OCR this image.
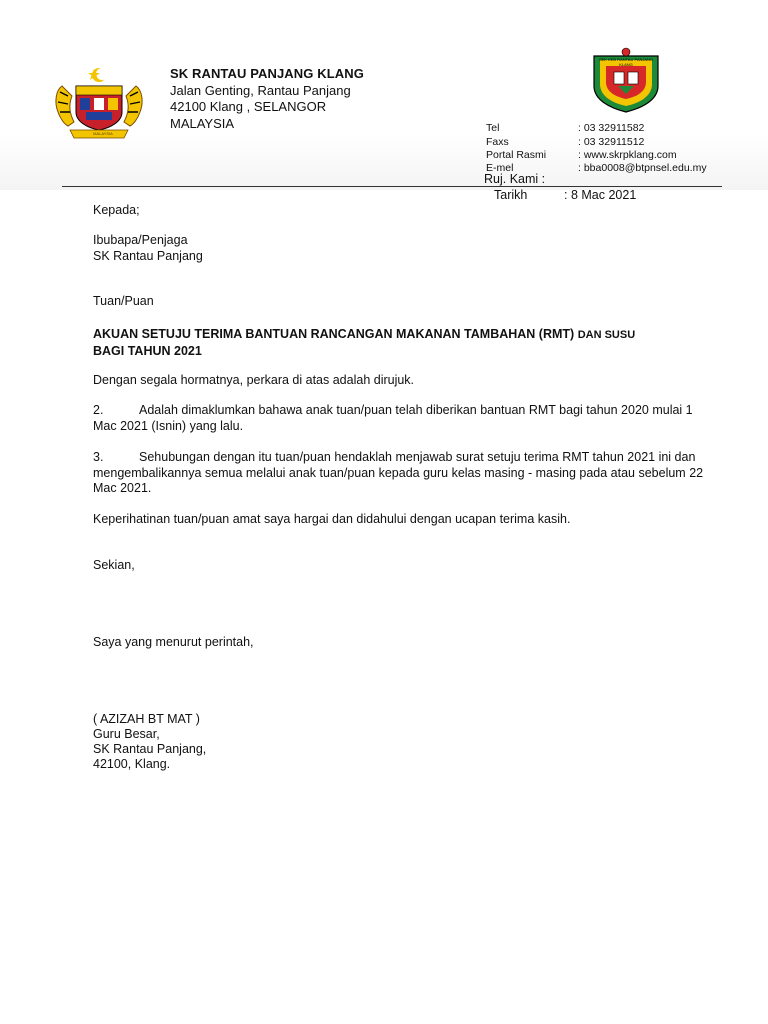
MALAYSIA
SK RANTAU PANJANG KLANG
Jalan Genting, Rantau Panjang
42100 Klang , SELANGOR
MALAYSIA
SEK KEB RANTAU PANJANG KLANG
Tel	: 03 32911582
Faxs	: 03 32911512
Portal Rasmi	: www.skrpklang.com
E-mel	: bba0008@btpnsel.edu.my
Ruj. Kami :
Tarikh	: 8 Mac 2021
Kepada;
Ibubapa/Penjaga
SK Rantau Panjang
Tuan/Puan
AKUAN SETUJU TERIMA BANTUAN RANCANGAN MAKANAN TAMBAHAN (RMT) DAN SUSU
BAGI TAHUN 2021
Dengan segala hormatnya, perkara di atas adalah dirujuk.
2.	Adalah dimaklumkan bahawa anak tuan/puan telah diberikan bantuan RMT bagi tahun 2020 mulai 1 Mac 2021 (Isnin) yang lalu.
3.	Sehubungan dengan itu tuan/puan hendaklah menjawab surat setuju terima RMT tahun 2021 ini dan mengembalikannya semua melalui anak tuan/puan kepada guru kelas masing - masing pada atau sebelum 22 Mac 2021.
Keperihatinan tuan/puan amat saya hargai dan didahului dengan ucapan terima kasih.
Sekian,
Saya yang menurut perintah,
( AZIZAH BT MAT )
Guru Besar,
SK Rantau Panjang,
42100, Klang.
